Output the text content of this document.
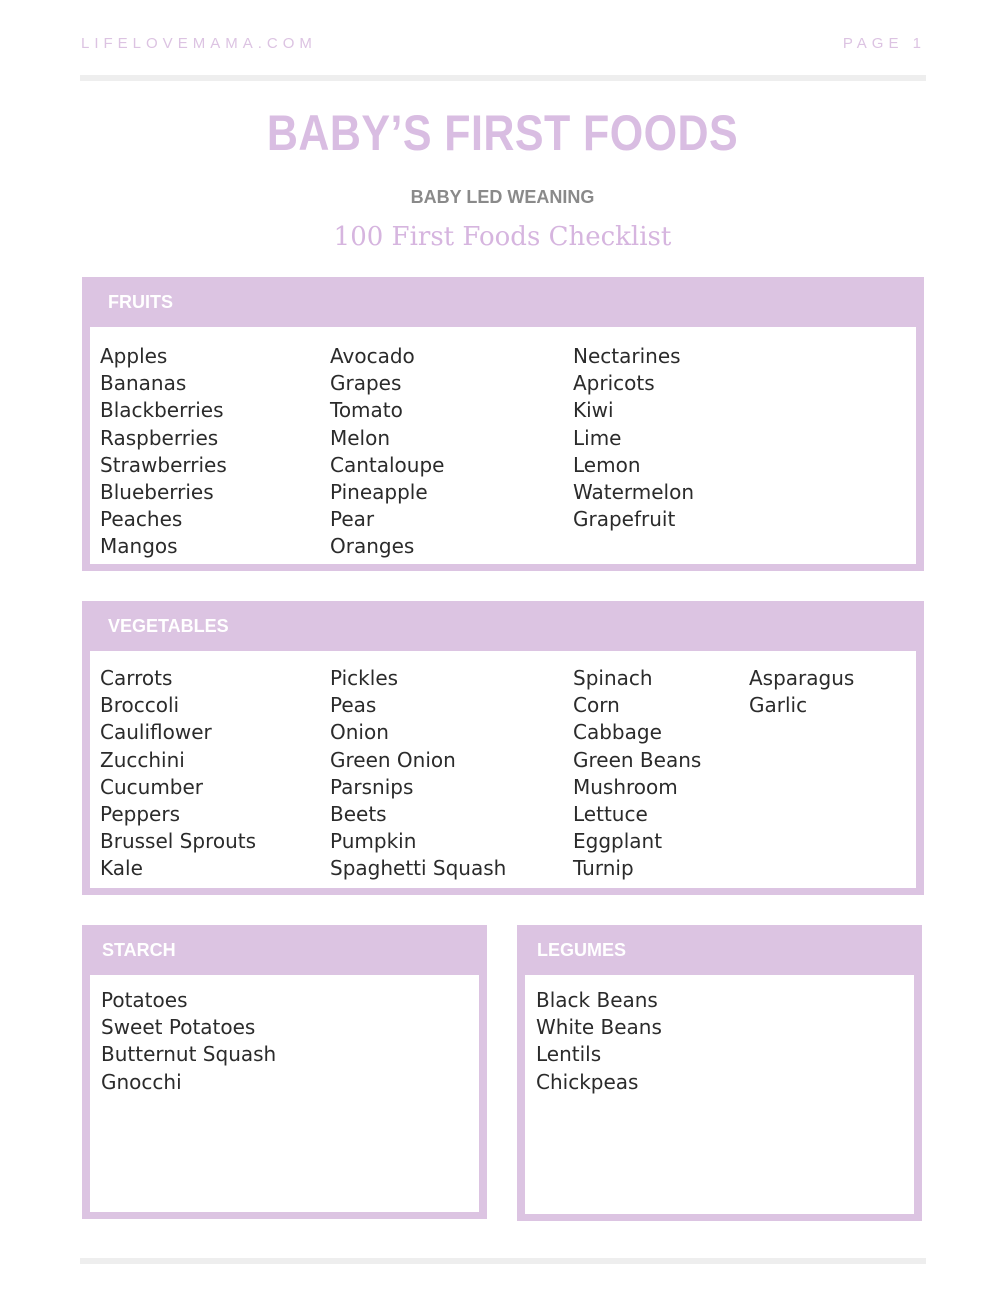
LIFELOVEMAMA.COM	PAGE 1
BABY’S FIRST FOODS
BABY LED WEANING
100 First Foods Checklist
FRUITS
Apples
Bananas
Blackberries
Raspberries
Strawberries
Blueberries
Peaches
Mangos
Avocado
Grapes
Tomato
Melon
Cantaloupe
Pineapple
Pear
Oranges
Nectarines
Apricots
Kiwi
Lime
Lemon
Watermelon
Grapefruit
VEGETABLES
Carrots
Broccoli
Cauliflower
Zucchini
Cucumber
Peppers
Brussel Sprouts
Kale
Pickles
Peas
Onion
Green Onion
Parsnips
Beets
Pumpkin
Spaghetti Squash
Spinach
Corn
Cabbage
Green Beans
Mushroom
Lettuce
Eggplant
Turnip
Asparagus
Garlic
STARCH
Potatoes
Sweet Potatoes
Butternut Squash
Gnocchi
LEGUMES
Black Beans
White Beans
Lentils
Chickpeas
